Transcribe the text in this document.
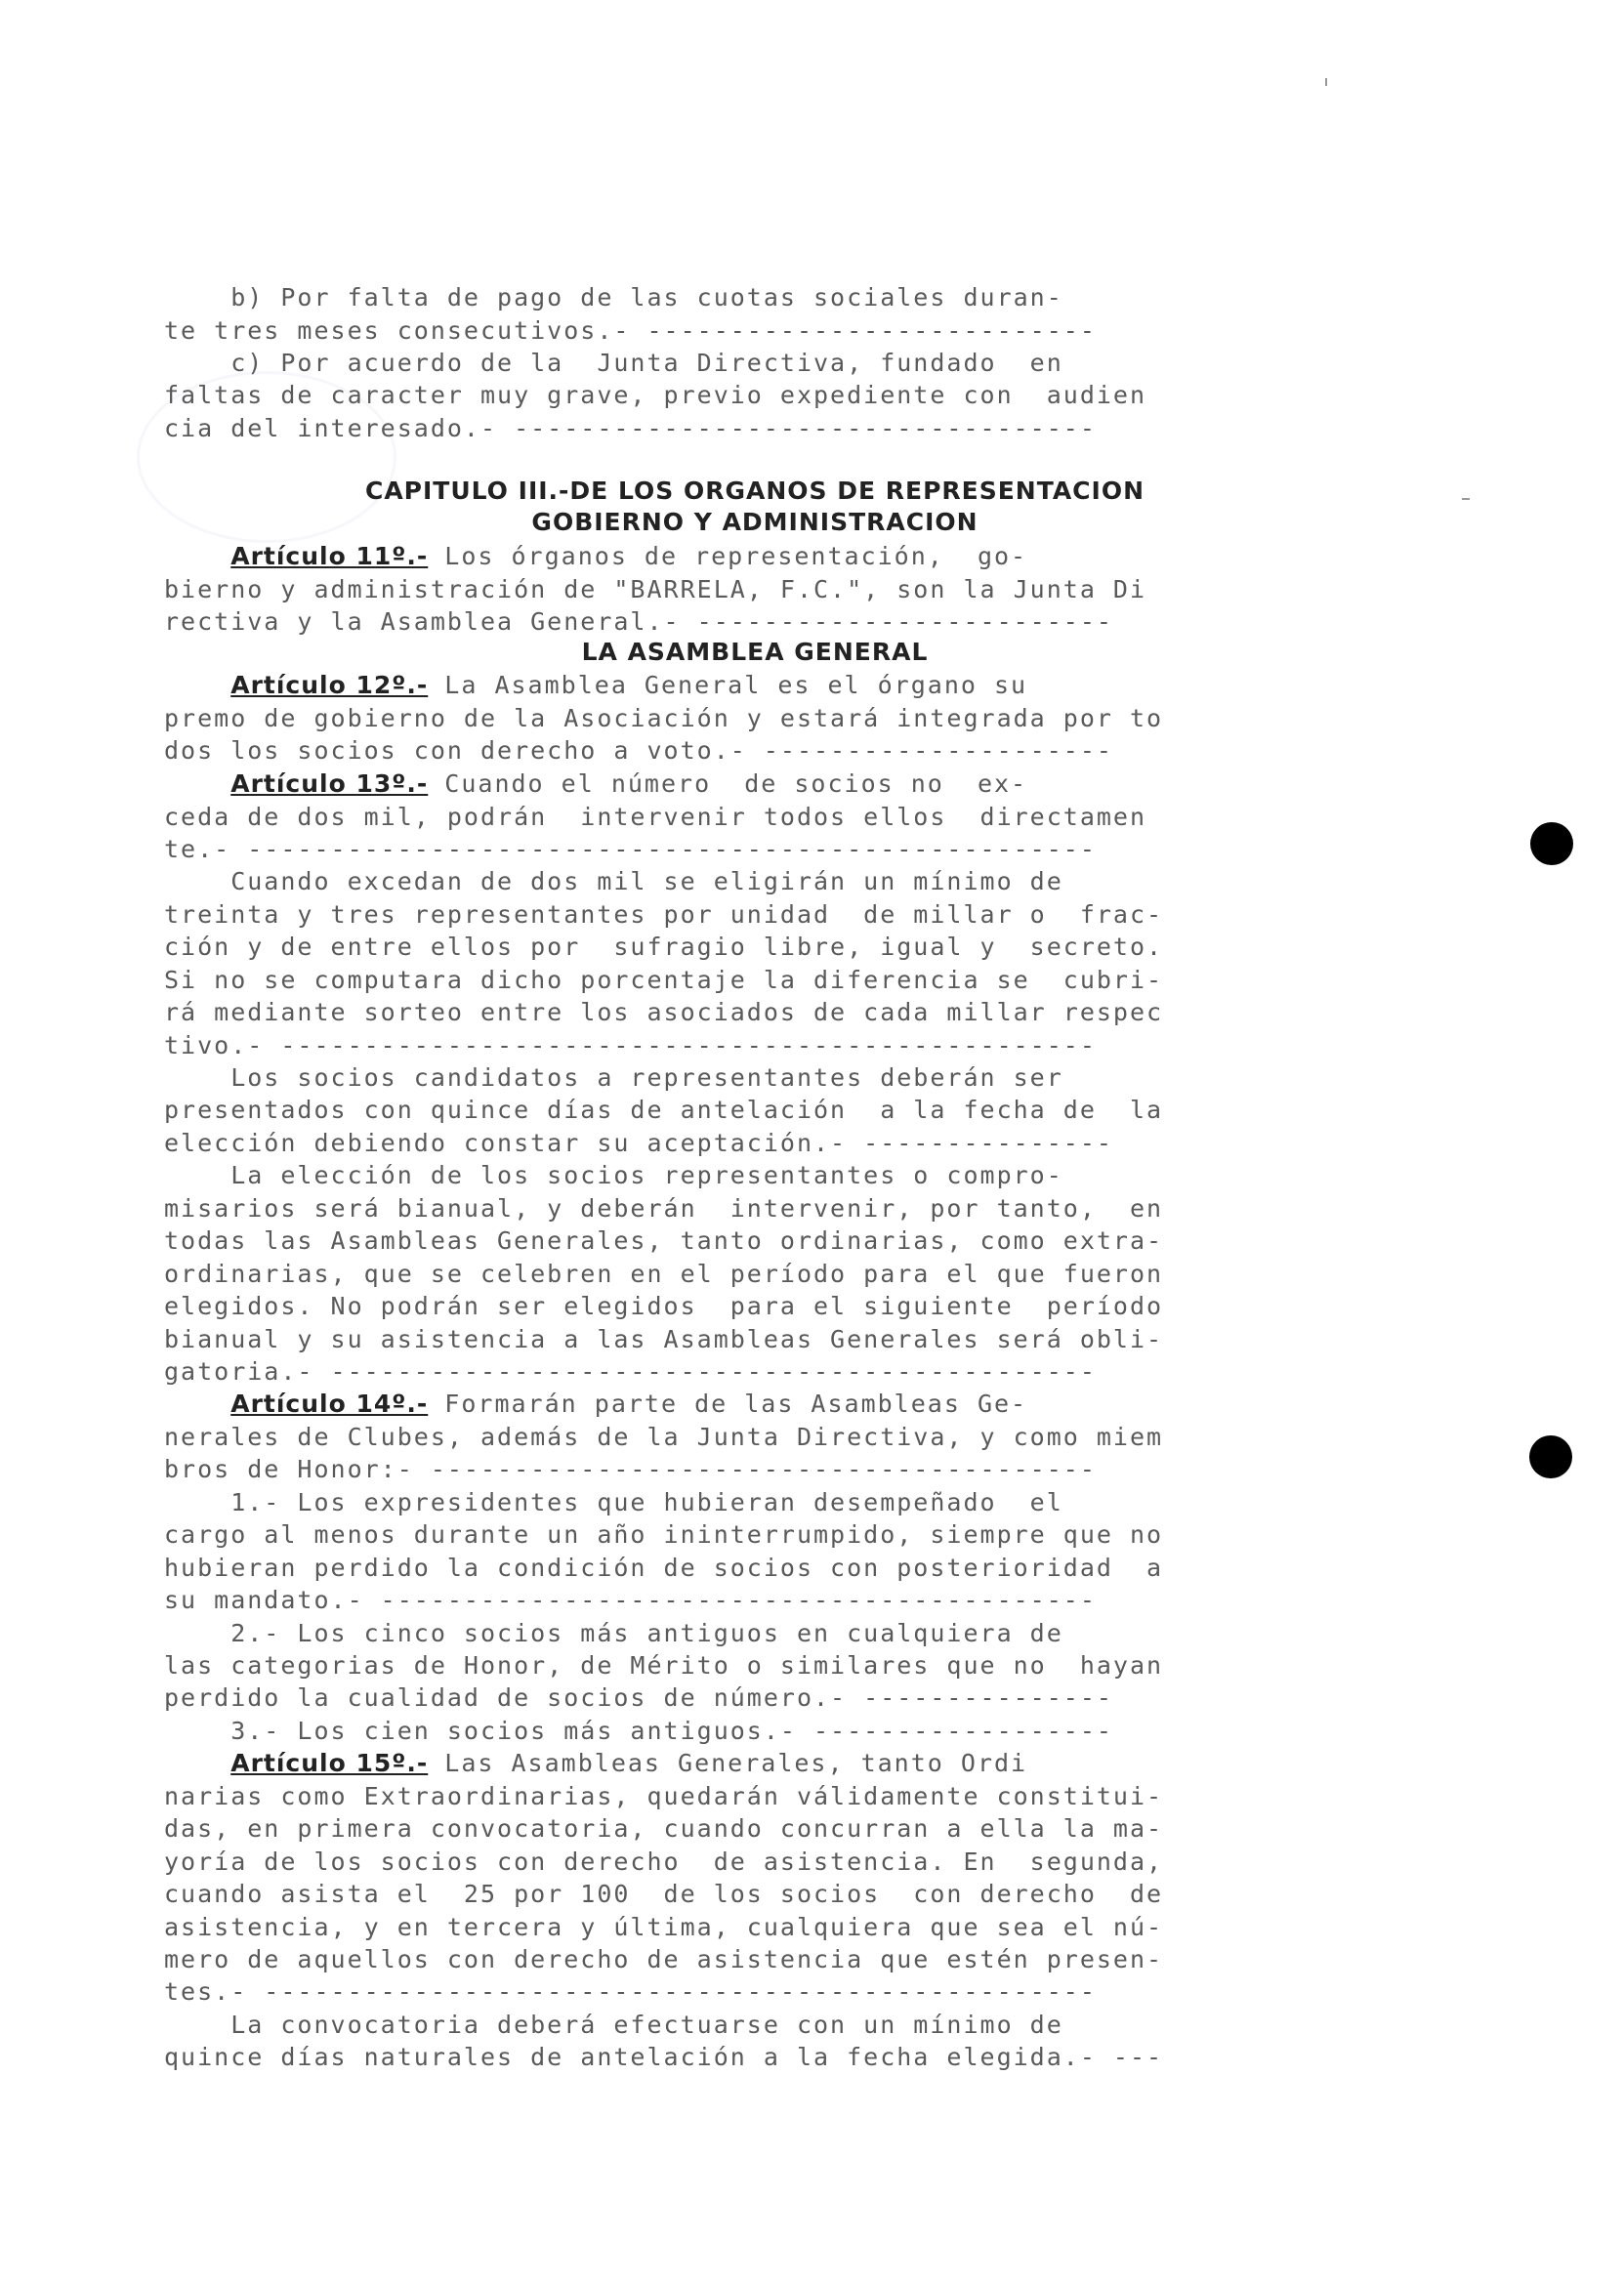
b) Por falta de pago de las cuotas sociales duran-
te tres meses consecutivos.- ---------------------------
c) Por acuerdo de la  Junta Directiva, fundado  en
faltas de caracter muy grave, previo expediente con  audien
cia del interesado.- -----------------------------------
CAPITULO III.-DE LOS ORGANOS DE REPRESENTACION
GOBIERNO Y ADMINISTRACION
Artículo 11º.- Los órganos de representación,  go-
bierno y administración de "BARRELA, F.C.", son la Junta Di
rectiva y la Asamblea General.- -------------------------
LA ASAMBLEA GENERAL
Artículo 12º.- La Asamblea General es el órgano su
premo de gobierno de la Asociación y estará integrada por to
dos los socios con derecho a voto.- ---------------------
Artículo 13º.- Cuando el número  de socios no  ex-
ceda de dos mil, podrán  intervenir todos ellos  directamen
te.- ---------------------------------------------------
Cuando excedan de dos mil se eligirán un mínimo de
treinta y tres representantes por unidad  de millar o  frac-
ción y de entre ellos por  sufragio libre, igual y  secreto.
Si no se computara dicho porcentaje la diferencia se  cubri-
rá mediante sorteo entre los asociados de cada millar respec
tivo.- -------------------------------------------------
Los socios candidatos a representantes deberán ser
presentados con quince días de antelación  a la fecha de  la
elección debiendo constar su aceptación.- ---------------
La elección de los socios representantes o compro-
misarios será bianual, y deberán  intervenir, por tanto,  en
todas las Asambleas Generales, tanto ordinarias, como extra-
ordinarias, que se celebren en el período para el que fueron
elegidos. No podrán ser elegidos  para el siguiente  período
bianual y su asistencia a las Asambleas Generales será obli-
gatoria.- ----------------------------------------------
Artículo 14º.- Formarán parte de las Asambleas Ge-
nerales de Clubes, además de la Junta Directiva, y como miem
bros de Honor:- ----------------------------------------
1.- Los expresidentes que hubieran desempeñado  el
cargo al menos durante un año ininterrumpido, siempre que no
hubieran perdido la condición de socios con posterioridad  a
su mandato.- -------------------------------------------
2.- Los cinco socios más antiguos en cualquiera de
las categorias de Honor, de Mérito o similares que no  hayan
perdido la cualidad de socios de número.- ---------------
3.- Los cien socios más antiguos.- ------------------
Artículo 15º.- Las Asambleas Generales, tanto Ordi
narias como Extraordinarias, quedarán válidamente constitui-
das, en primera convocatoria, cuando concurran a ella la ma-
yoría de los socios con derecho  de asistencia. En  segunda,
cuando asista el  25 por 100  de los socios  con derecho  de
asistencia, y en tercera y última, cualquiera que sea el nú-
mero de aquellos con derecho de asistencia que estén presen-
tes.- --------------------------------------------------
La convocatoria deberá efectuarse con un mínimo de
quince días naturales de antelación a la fecha elegida.- ---
